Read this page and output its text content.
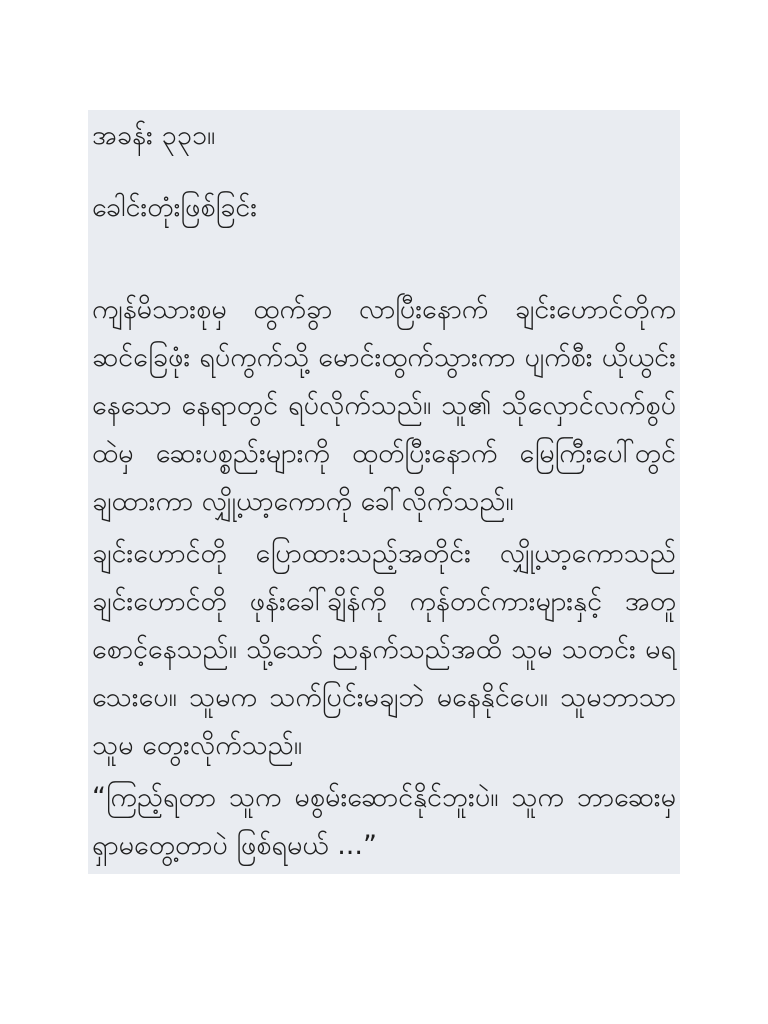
အခန်း ၃၃၁။

ခေါင်းတုံးဖြစ်ခြင်း

ကျန်မိသားစုမှ ထွက်ခွာ လာပြီးနောက် ချင်းဟောင်တိုက ဆင်ခြေဖုံး ရပ်ကွက်သို့ မောင်းထွက်သွားကာ ပျက်စီး ယိုယွင်းနေသော နေရာတွင် ရပ်လိုက်သည်။ သူ၏ သိုလှောင်လက်စွပ်ထဲမှ ဆေးပစ္စည်းများကို ထုတ်ပြီးနောက် မြေကြီးပေါ်တွင် ချထားကာ လျှို့ယာ့ကောကို ခေါ်လိုက်သည်။

ချင်းဟောင်တို ပြောထားသည့်အတိုင်း လျှို့ယာ့ကောသည် ချင်းဟောင်တို ဖုန်းခေါ်ချိန်ကို ကုန်တင်ကားများနှင့် အတူ စောင့်နေသည်။ သို့သော် ညနက်သည်အထိ သူမ သတင်း မရသေးပေ။ သူမက သက်ပြင်းမချဘဲ မနေနိုင်ပေ။ သူမဘာသာ သူမ တွေးလိုက်သည်။

“ကြည့်ရတာ သူက မစွမ်းဆောင်နိုင်ဘူးပဲ။ သူက ဘာဆေးမှ ရှာမတွေ့တာပဲ ဖြစ်ရမယ် ...”
